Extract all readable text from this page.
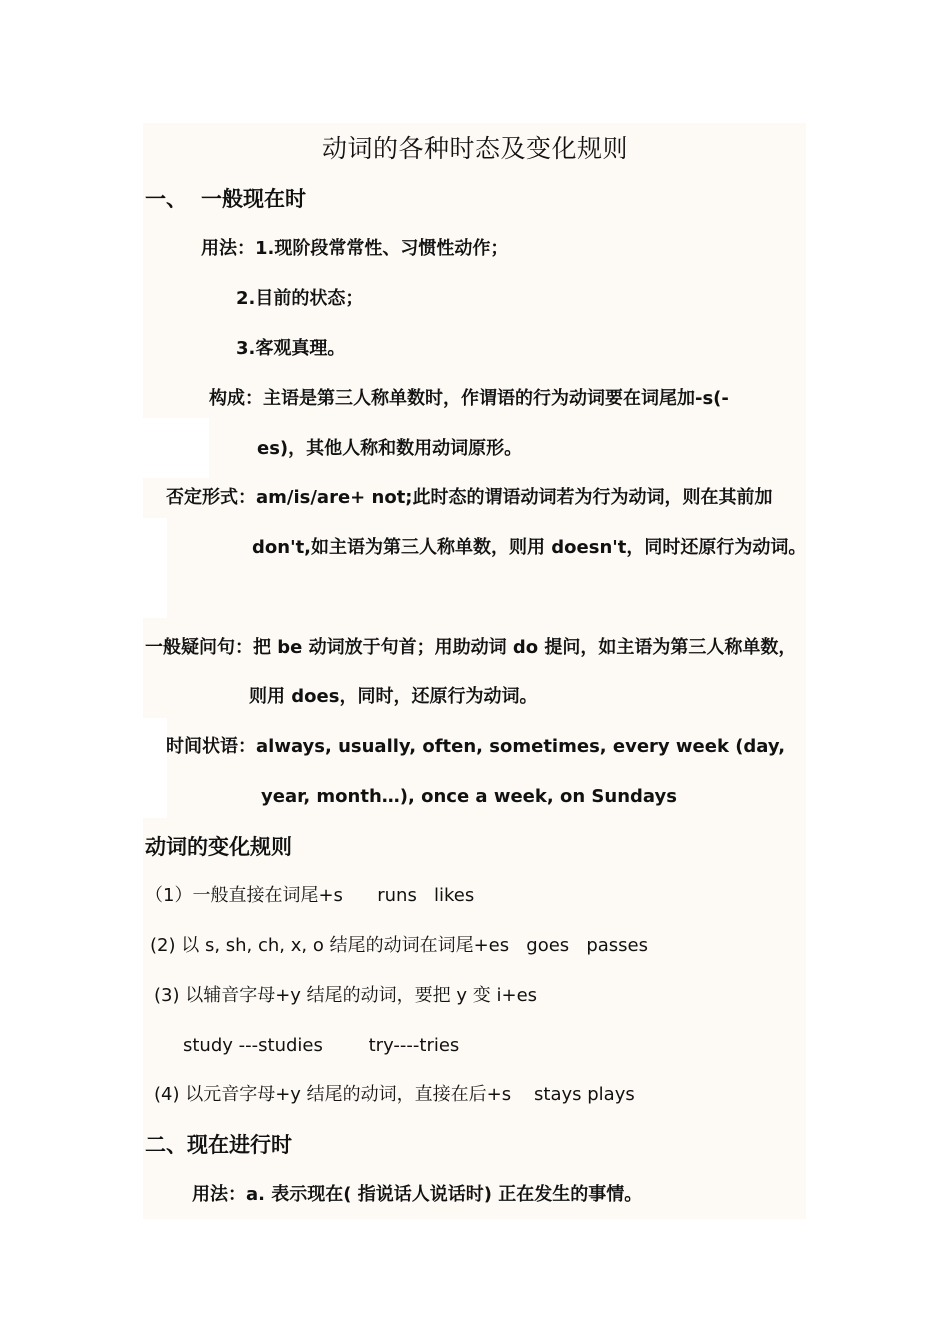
动词的各种时态及变化规则
一、 一般现在时
用法：1.现阶段常常性、习惯性动作；
2.目前的状态；
3.客观真理。
构成：主语是第三人称单数时，作谓语的行为动词要在词尾加-s(-
es)，其他人称和数用动词原形。
否定形式：am/is/are+ not;此时态的谓语动词若为行为动词，则在其前加
don't,如主语为第三人称单数，则用 doesn't，同时还原行为动词。
一般疑问句：把 be 动词放于句首；用助动词 do 提问，如主语为第三人称单数，
则用 does，同时，还原行为动词。
时间状语：always, usually, often, sometimes, every week (day,
year, month…), once a week, on Sundays
动词的变化规则
（1）一般直接在词尾+s      runs   likes
(2) 以 s, sh, ch, x, o 结尾的动词在词尾+es   goes   passes
(3) 以辅音字母+y 结尾的动词，要把 y 变 i+es
study ---studies        try----tries
(4) 以元音字母+y 结尾的动词，直接在后+s    stays plays
二、现在进行时
用法：a. 表示现在( 指说话人说话时) 正在发生的事情。
